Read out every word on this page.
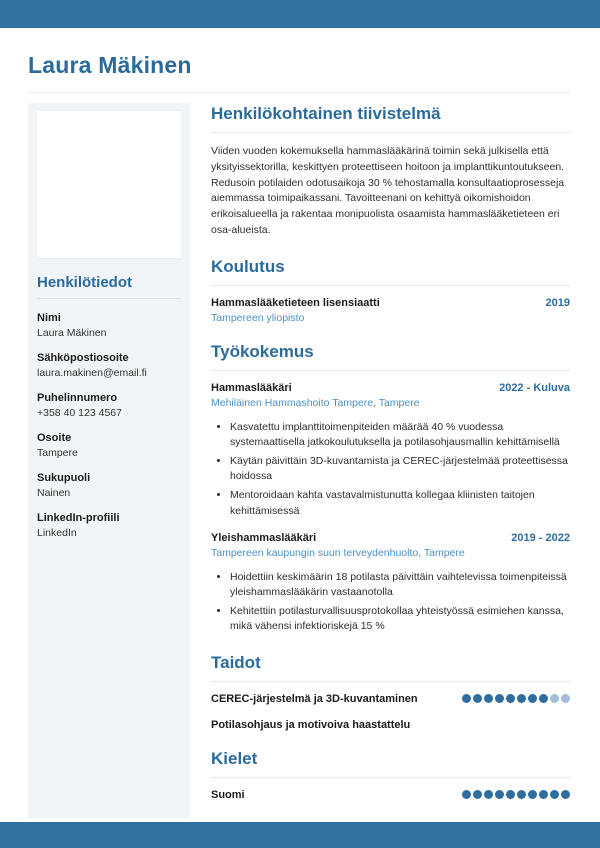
Laura Mäkinen
Henkilötiedot
Nimi
Laura Mäkinen
Sähköpostiosoite
laura.makinen@email.fi
Puhelinnumero
+358 40 123 4567
Osoite
Tampere
Sukupuoli
Nainen
LinkedIn-profiili
LinkedIn
Henkilökohtainen tiivistelmä

Viiden vuoden kokemuksella hammaslääkärinä toimin sekä julkisella että yksityissektorilla, keskittyen proteettiseen hoitoon ja implanttikuntoutukseen. Redusoin potilaiden odotusaikoja 30 % tehostamalla konsultaatioprosesseja aiemmassa toimipaikassani. Tavoitteenani on kehittyä oikomishoidon erikoisalueella ja rakentaa monipuolista osaamista hammaslääketieteen eri osa-alueista.

Koulutus
Hammaslääketieteen lisensiaatti	2019
Tampereen yliopisto
Työkokemus
Hammaslääkäri	2022 - Kuluva
Mehiläinen Hammashoito Tampere, Tampere
• Kasvatettu implanttitoimenpiteiden määrää 40 % vuodessa systemaattisella jatkokoulutuksella ja potilasohjausmallin kehittämisellä
• Käytän päivittäin 3D-kuvantamista ja CEREC-järjestelmää proteettisessa hoidossa
• Mentoroidaan kahta vastavalmistunutta kollegaa kliinisten taitojen kehittämisessä
Yleishammaslääkäri	2019 - 2022
Tampereen kaupungin suun terveydenhuolto, Tampere
• Hoidettiin keskimäärin 18 potilasta päivittäin vaihtelevissa toimenpiteissä yleishammaslääkärin vastaanotolla
• Kehitettiin potilasturvallisuusprotokollaa yhteistyössä esimiehen kanssa, mikä vähensi infektioriskejä 15 %
Taidot
CEREC-järjestelmä ja 3D-kuvantaminen
Potilasohjaus ja motivoiva haastattelu
Kielet
Suomi
